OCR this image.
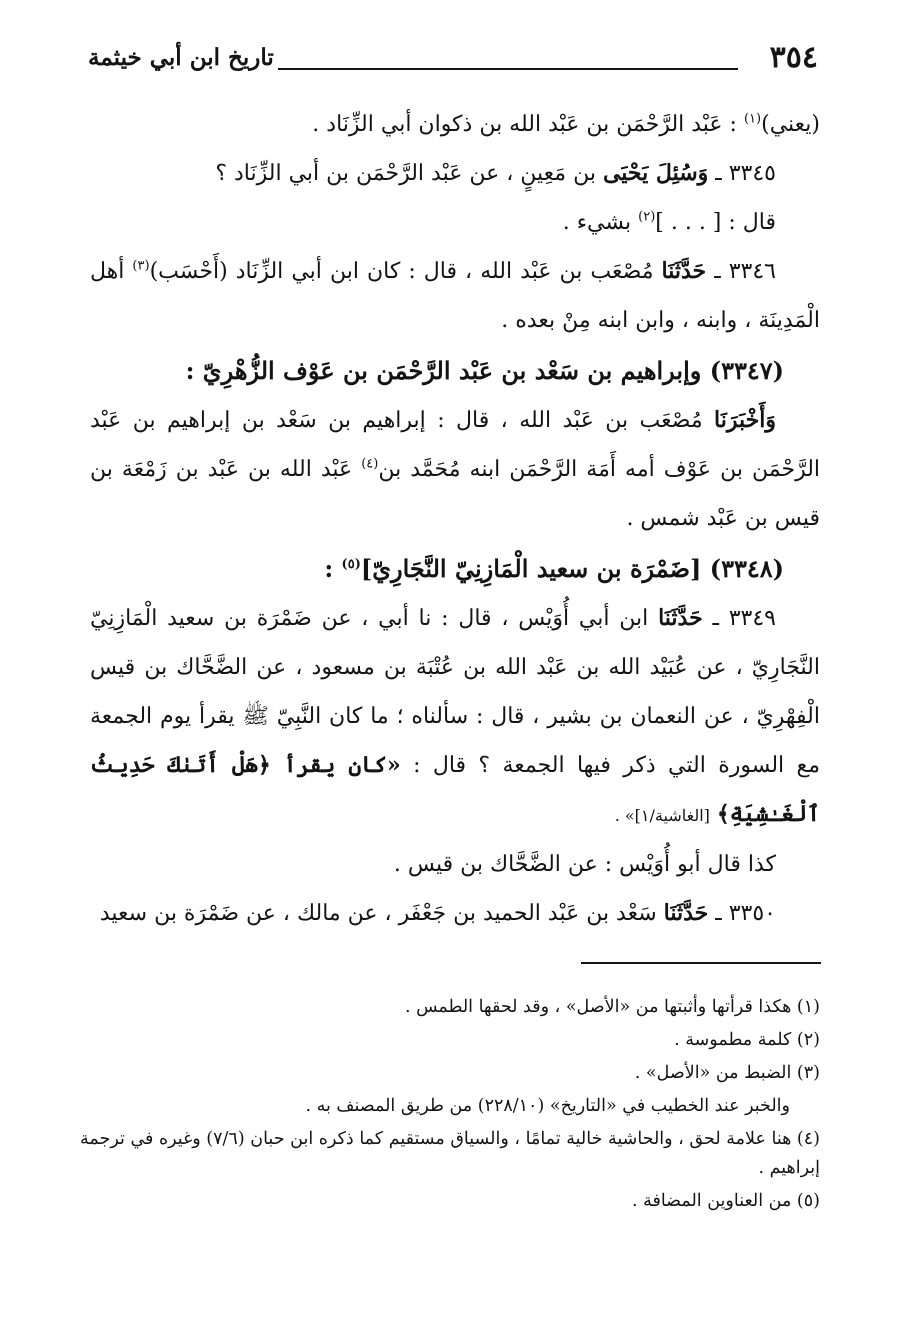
٣٥٤
تاريخ ابن أبي خيثمة

(يعني)$^{(١)}$ : عَبْد الرَّحْمَن بن عَبْد الله بن ذكوان أبي الزِّنَاد .

٣٣٤٥ ـ وَسُئِلَ يَحْيَى بن مَعِينٍ ، عن عَبْد الرَّحْمَن بن أبي الزِّنَاد ؟

قال : [ . . . ]$^{(٢)}$ بشيء .

٣٣٤٦ ـ حَدَّثَنَا مُصْعَب بن عَبْد الله ، قال : كان ابن أبي الزِّنَاد (أَحْسَب)$^{(٣)}$ أهل الْمَدِينَة ، وابنه ، وابن ابنه مِنْ بعده .

(٣٣٤٧) وإبراهيم بن سَعْد بن عَبْد الرَّحْمَن بن عَوْف الزُّهْرِيّ :

وَأَخْبَرَنَا مُصْعَب بن عَبْد الله ، قال : إبراهيم بن سَعْد بن إبراهيم بن عَبْد الرَّحْمَن بن عَوْف أمه أَمَة الرَّحْمَن ابنه مُحَمَّد بن$^{(٤)}$ عَبْد الله بن عَبْد بن زَمْعَة بن قيس بن عَبْد شمس .

(٣٣٤٨) [ضَمْرَة بن سعيد الْمَازِنِيّ النَّجَارِيّ]$^{(٥)}$ :

٣٣٤٩ ـ حَدَّثَنَا ابن أبي أُوَيْس ، قال : نا أبي ، عن ضَمْرَة بن سعيد الْمَازِنِيّ النَّجَارِيّ ، عن عُبَيْد الله بن عَبْد الله بن عُتْبَة بن مسعود ، عن الضَّحَّاك بن قيس الْفِهْرِيّ ، عن النعمان بن بشير ، قال : سألناه ؛ ما كان النَّبِيّ ﷺ يقرأ يوم الجمعة مع السورة التي ذكر فيها الجمعة ؟ قال : «كان يقرأ ﴿هَلْ أَتَىٰكَ حَدِيثُ ٱلْغَـٰشِيَةِ﴾ [الغاشية/١]» .

كذا قال أبو أُوَيْس : عن الضَّحَّاك بن قيس .

٣٣٥٠ ـ حَدَّثَنَا سَعْد بن عَبْد الحميد بن جَعْفَر ، عن مالك ، عن ضَمْرَة بن سعيد

(١) هكذا قرأتها وأثبتها من «الأصل» ، وقد لحقها الطمس .

(٢) كلمة مطموسة .

(٣) الضبط من «الأصل» .

والخبر عند الخطيب في «التاريخ» (٢٢٨/١٠) من طريق المصنف به .

(٤) هنا علامة لحق ، والحاشية خالية تمامًا ، والسياق مستقيم كما ذكره ابن حبان (٧/٦) وغيره في ترجمة إبراهيم .

(٥) من العناوين المضافة .
